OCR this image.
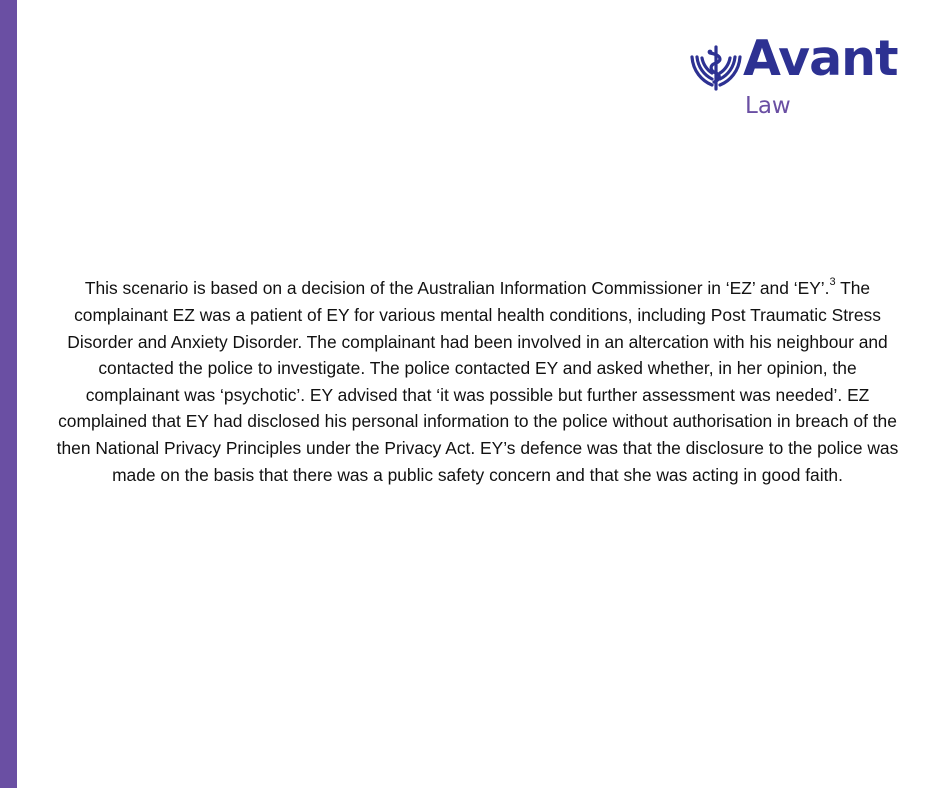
Avant
Law

This scenario is based on a decision of the Australian Information Commissioner in ‘EZ’ and ‘EY’.$^3$ The complainant EZ was a patient of EY for various mental health conditions, including Post Traumatic Stress Disorder and Anxiety Disorder. The complainant had been involved in an altercation with his neighbour and contacted the police to investigate. The police contacted EY and asked whether, in her opinion, the complainant was ‘psychotic’. EY advised that ‘it was possible but further assessment was needed’. EZ complained that EY had disclosed his personal information to the police without authorisation in breach of the then National Privacy Principles under the Privacy Act. EY’s defence was that the disclosure to the police was made on the basis that there was a public safety concern and that she was acting in good faith.
